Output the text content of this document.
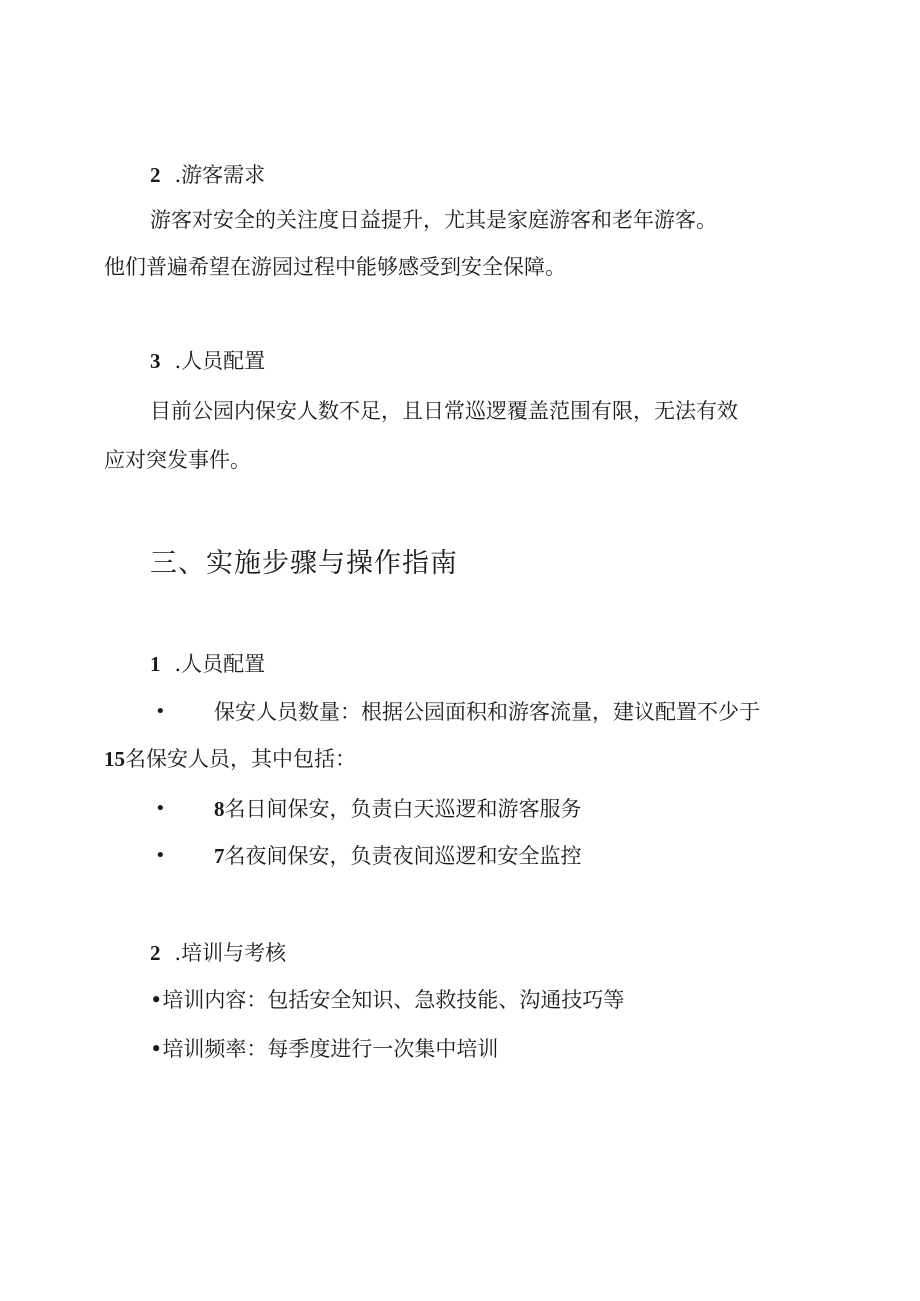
2 .游客需求
游客对安全的关注度日益提升，尤其是家庭游客和老年游客。
他们普遍希望在游园过程中能够感受到安全保障。
3 .人员配置
目前公园内保安人数不足，且日常巡逻覆盖范围有限，无法有效
应对突发事件。
三、实施步骤与操作指南
1 .人员配置
• 保安人员数量：根据公园面积和游客流量，建议配置不少于
15名保安人员，其中包括：
• 8名日间保安，负责白天巡逻和游客服务
• 7名夜间保安，负责夜间巡逻和安全监控
2 .培训与考核
•培训内容：包括安全知识、急救技能、沟通技巧等
•培训频率：每季度进行一次集中培训
